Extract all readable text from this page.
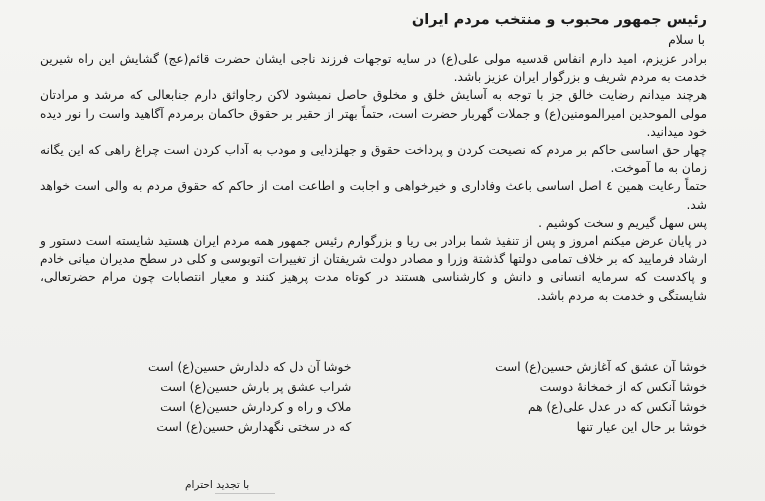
رئیس جمهور محبوب و منتخب مردم ایران

با سلام

برادر عزیزم، امید دارم انفاس قدسیه مولی علی(ع) در سایه توجهات فرزند ناجی ایشان حضرت قائم(عج) گشایش این راه شیرین خدمت به مردم شریف و بزرگوار ایران عزیز باشد.

هرچند میدانم رضایت خالق جز با توجه به آسایش خلق و مخلوق حاصل نمیشود لاکن رجاواثق دارم جنابعالی که مرشد و مرادتان مولی الموحدین امیرالمومنین(ع) و جملات گهربار حضرت است، حتماً بهتر از حقیر بر حقوق حاکمان برمردم آگاهید واست را نور دیده خود میدانید.

چهار حق اساسی حاکم بر مردم که نصیحت کردن و پرداخت حقوق و جهلزدایی و مودب به آداب کردن است چراغ راهی که این یگانه زمان به ما آموخت.

حتماً رعایت همین ٤ اصل اساسی باعث وفاداری و خیرخواهی و اجابت و اطاعت امت از حاکم که حقوق مردم به والی است خواهد شد.

پس سهل گیریم و سخت کوشیم .

در پایان عرض میکنم امروز و پس از تنفیذ شما برادر بی ریا و بزرگوارم رئیس جمهور همه مردم ایران هستید شایسته است دستور و ارشاد فرمایید که بر خلاف تمامی دولتها گذشتة وزرا و مصادر دولت شریفتان از تغییرات اتوبوسی و کلی در سطح مدیران میانی خادم و پاکدست که سرمایه انسانی و دانش و کارشناسی هستند در کوتاه مدت پرهیز کنند و معیار انتصابات چون مرام حضرتعالی، شایستگی و خدمت به مردم باشد.

خوشا آن عشق که آغازش حسین(ع) است
خوشا آنکس که از خمخانهٔ دوست
خوشا آنکس که در عدل علی(ع) هم
خوشا بر حال این عیار تنها
خوشا آن دل که دلدارش حسین(ع) است
شراب عشق پر بارش حسین(ع) است
ملاک و راه و کردارش حسین(ع) است
که در سختی نگهدارش حسین(ع) است
با تجدید احترام
